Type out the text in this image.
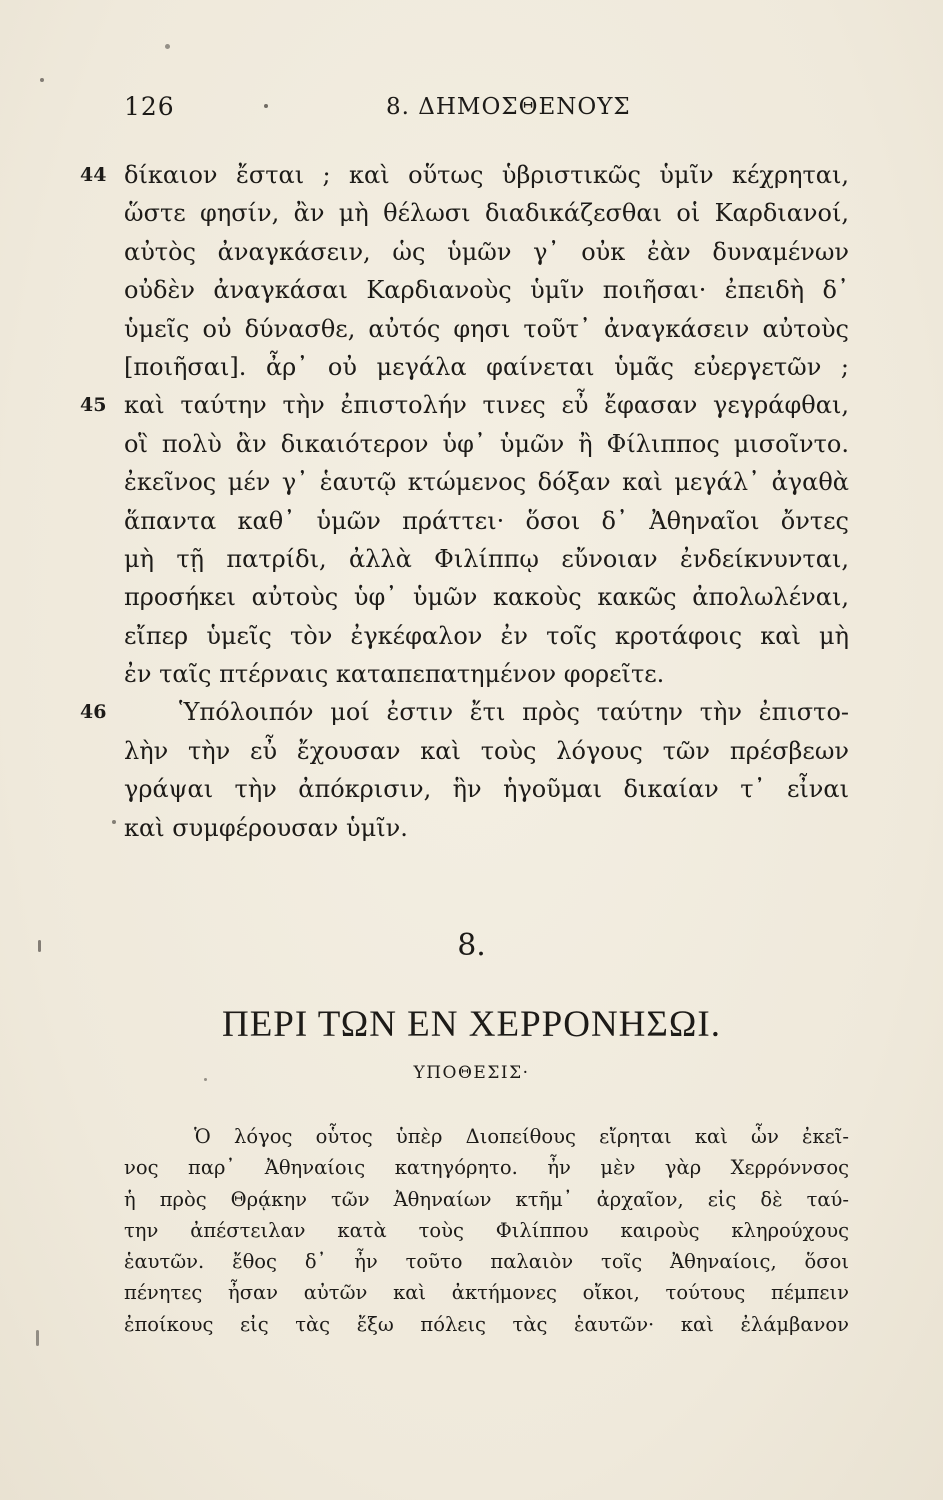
126	8. ΔΗΜΟΣΘΕΝΟΥΣ
44 δίκαιον ἔσται ; καὶ οὕτως ὑβριστικῶς ὑμῖν κέχρηται,
ὥστε φησίν, ἂν μὴ θέλωσι διαδικάζεσθαι οἱ Καρδιανοί,
αὐτὸς ἀναγκάσειν, ὡς ὑμῶν γ᾽ οὐκ ἐὰν δυναμένων
οὐδὲν ἀναγκάσαι Καρδιανοὺς ὑμῖν ποιῆσαι· ἐπειδὴ δ᾽
ὑμεῖς οὐ δύνασθε, αὐτός φησι τοῦτ᾽ ἀναγκάσειν αὐτοὺς
[ποιῆσαι]. ἆρ᾽ οὐ μεγάλα φαίνεται ὑμᾶς εὐεργετῶν ;
45 καὶ ταύτην τὴν ἐπιστολήν τινες εὖ ἔφασαν γεγράφθαι,
οἳ πολὺ ἂν δικαιότερον ὑφ᾽ ὑμῶν ἢ Φίλιππος μισοῖντο.
ἐκεῖνος μέν γ᾽ ἑαυτῷ κτώμενος δόξαν καὶ μεγάλ᾽ ἀγαθὰ
ἅπαντα καθ᾽ ὑμῶν πράττει· ὅσοι δ᾽ Ἀθηναῖοι ὄντες
μὴ τῇ πατρίδι, ἀλλὰ Φιλίππῳ εὔνοιαν ἐνδείκνυνται,
προσήκει αὐτοὺς ὑφ᾽ ὑμῶν κακοὺς κακῶς ἀπολωλέναι,
εἴπερ ὑμεῖς τὸν ἐγκέφαλον ἐν τοῖς κροτάφοις καὶ μὴ
ἐν ταῖς πτέρναις καταπεπατημένον φορεῖτε.
46	Ὑπόλοιπόν μοί ἐστιν ἔτι πρὸς ταύτην τὴν ἐπιστο-
λὴν τὴν εὖ ἔχουσαν καὶ τοὺς λόγους τῶν πρέσβεων
γράψαι τὴν ἀπόκρισιν, ἣν ἡγοῦμαι δικαίαν τ᾽ εἶναι
καὶ συμφέρουσαν ὑμῖν.
8.
ΠΕΡΙ ΤΩΝ ΕΝ ΧΕΡΡΟΝΗΣΩΙ.
ΥΠΟΘΕΣΙΣ·
Ὁ λόγος οὗτος ὑπὲρ Διοπείθους εἴρηται καὶ ὧν ἐκεῖ-
νος παρ᾽ Ἀθηναίοις κατηγόρητο. ἦν μὲν γὰρ Χερρόννσος
ἡ πρὸς Θρᾴκην τῶν Ἀθηναίων κτῆμ᾽ ἀρχαῖον, εἰς δὲ ταύ-
την ἀπέστειλαν κατὰ τοὺς Φιλίππου καιροὺς κληρούχους
ἑαυτῶν. ἔθος δ᾽ ἦν τοῦτο παλαιὸν τοῖς Ἀθηναίοις, ὅσοι
πένητες ἦσαν αὐτῶν καὶ ἀκτήμονες οἴκοι, τούτους πέμπειν
ἐποίκους εἰς τὰς ἔξω πόλεις τὰς ἑαυτῶν· καὶ ἐλάμβανον
